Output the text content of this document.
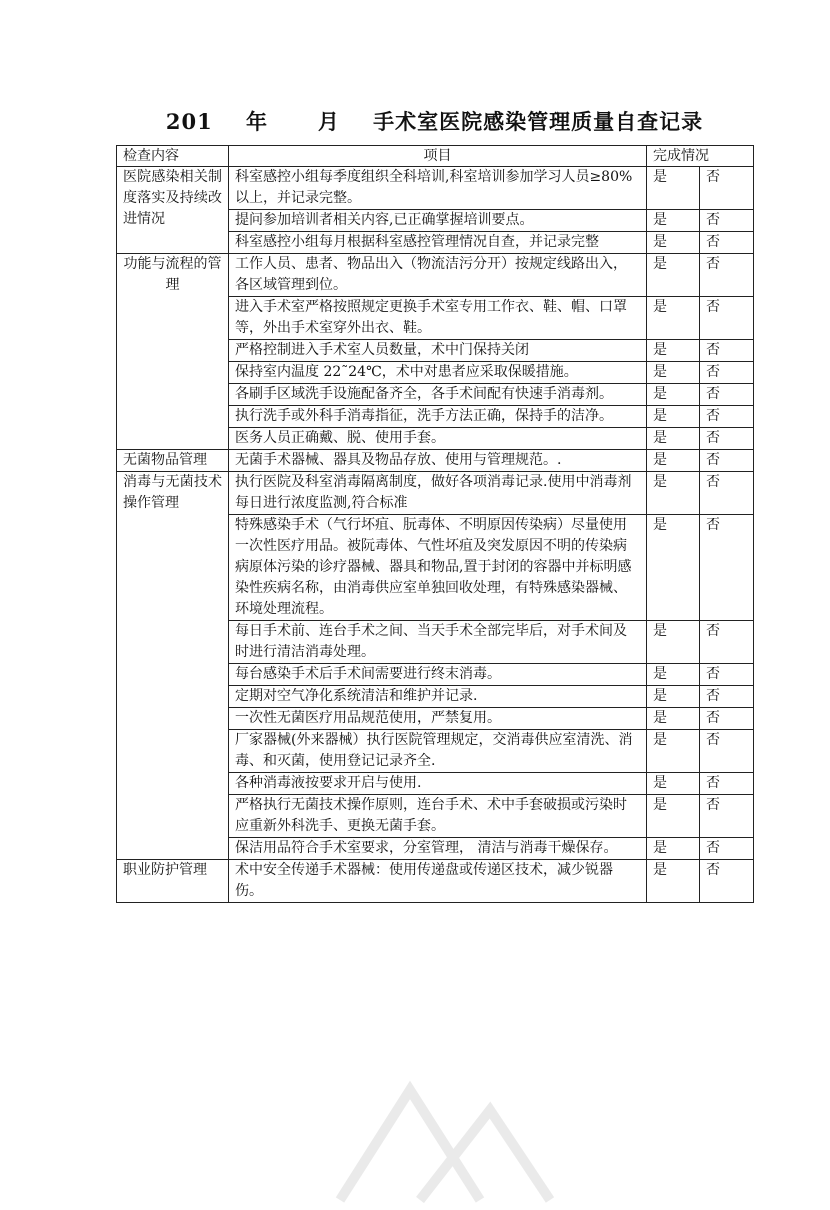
201    年      月    手术室医院感染管理质量自查记录
检查内容	项目	完成情况	
医院感染相关制度落实及持续改进情况	科室感控小组每季度组织全科培训,科室培训参加学习人员≥80%以上，并记录完整。	是	否
	提问参加培训者相关内容,已正确掌握培训要点。	是	否
	科室感控小组每月根据科室感控管理情况自查，并记录完整	是	否
功能与流程的管理	工作人员、患者、物品出入（物流洁污分开）按规定线路出入，各区域管理到位。	是	否
	进入手术室严格按照规定更换手术室专用工作衣、鞋、帽、口罩等，外出手术室穿外出衣、鞋。	是	否
	严格控制进入手术室人员数量，术中门保持关闭	是	否
	保持室内温度 22˜24℃，术中对患者应采取保暖措施。	是	否
	各刷手区域洗手设施配备齐全，各手术间配有快速手消毒剂。	是	否
	执行洗手或外科手消毒指征，洗手方法正确，保持手的洁净。	是	否
	医务人员正确戴、脱、使用手套。	是	否
无菌物品管理	无菌手术器械、器具及物品存放、使用与管理规范。.	是	否
消毒与无菌技术操作管理	执行医院及科室消毒隔离制度，做好各项消毒记录.使用中消毒剂每日进行浓度监测,符合标准	是	否
	特殊感染手术（气行坏疽、朊毒体、不明原因传染病）尽量使用一次性医疗用品。被阮毒体、气性坏疽及突发原因不明的传染病病原体污染的诊疗器械、器具和物品,置于封闭的容器中并标明感染性疾病名称，由消毒供应室单独回收处理，有特殊感染器械、环境处理流程。	是	否
	每日手术前、连台手术之间、当天手术全部完毕后，对手术间及时进行清洁消毒处理。	是	否
	每台感染手术后手术间需要进行终末消毒。	是	否
	定期对空气净化系统清洁和维护并记录.	是	否
	一次性无菌医疗用品规范使用，严禁复用。	是	否
	厂家器械(外来器械）执行医院管理规定，交消毒供应室清洗、消毒、和灭菌，使用登记记录齐全.	是	否
	各种消毒液按要求开启与使用.	是	否
	严格执行无菌技术操作原则，连台手术、术中手套破损或污染时应重新外科洗手、更换无菌手套。	是	否
	保洁用品符合手术室要求，分室管理， 清洁与消毒干燥保存。	是	否
职业防护管理	术中安全传递手术器械：使用传递盘或传递区技术，减少锐器伤。	是	否
